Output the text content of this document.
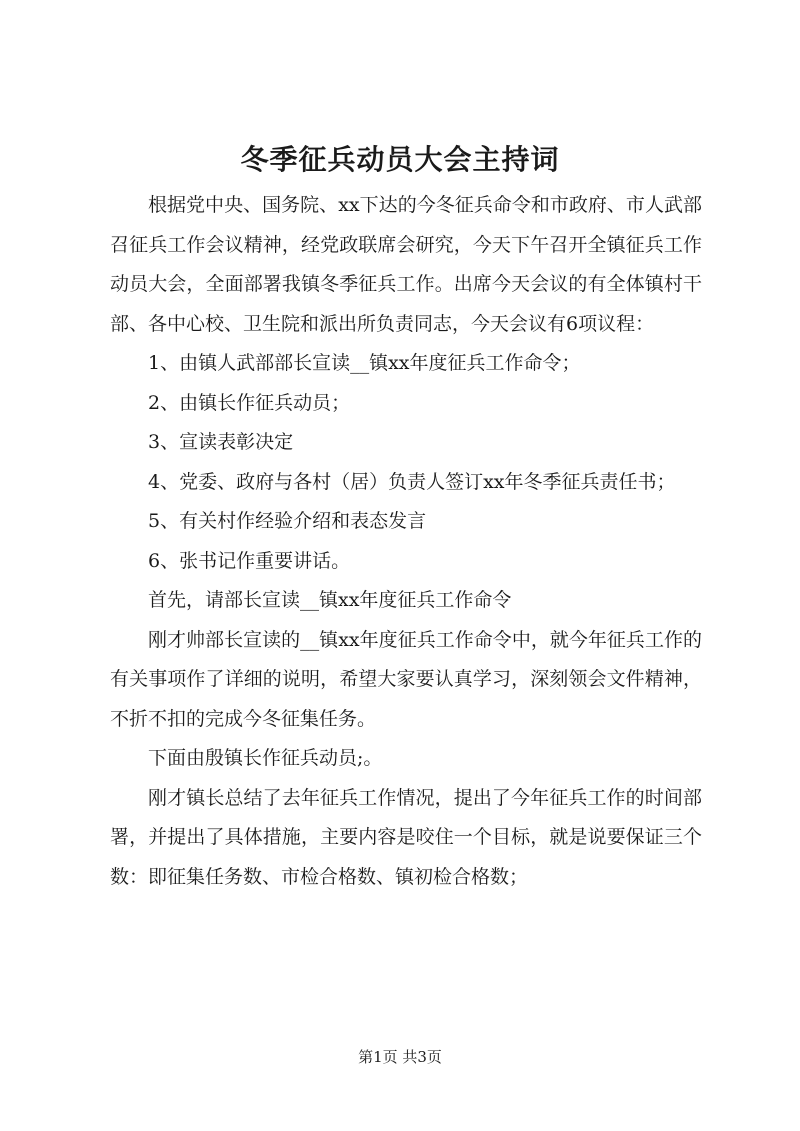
冬季征兵动员大会主持词

根据党中央、国务院、xx下达的今冬征兵命令和市政府、市人武部召征兵工作会议精神，经党政联席会研究，今天下午召开全镇征兵工作动员大会，全面部署我镇冬季征兵工作。出席今天会议的有全体镇村干部、各中心校、卫生院和派出所负责同志，今天会议有6项议程：

1、由镇人武部部长宣读__镇xx年度征兵工作命令；

2、由镇长作征兵动员；

3、宣读表彰决定

4、党委、政府与各村（居）负责人签订xx年冬季征兵责任书；

5、有关村作经验介绍和表态发言

6、张书记作重要讲话。

首先，请部长宣读__镇xx年度征兵工作命令

刚才帅部长宣读的__镇xx年度征兵工作命令中，就今年征兵工作的有关事项作了详细的说明，希望大家要认真学习，深刻领会文件精神，不折不扣的完成今冬征集任务。

下面由殷镇长作征兵动员;。

刚才镇长总结了去年征兵工作情况，提出了今年征兵工作的时间部署，并提出了具体措施，主要内容是咬住一个目标，就是说要保证三个数：即征集任务数、市检合格数、镇初检合格数；

第1页 共3页
